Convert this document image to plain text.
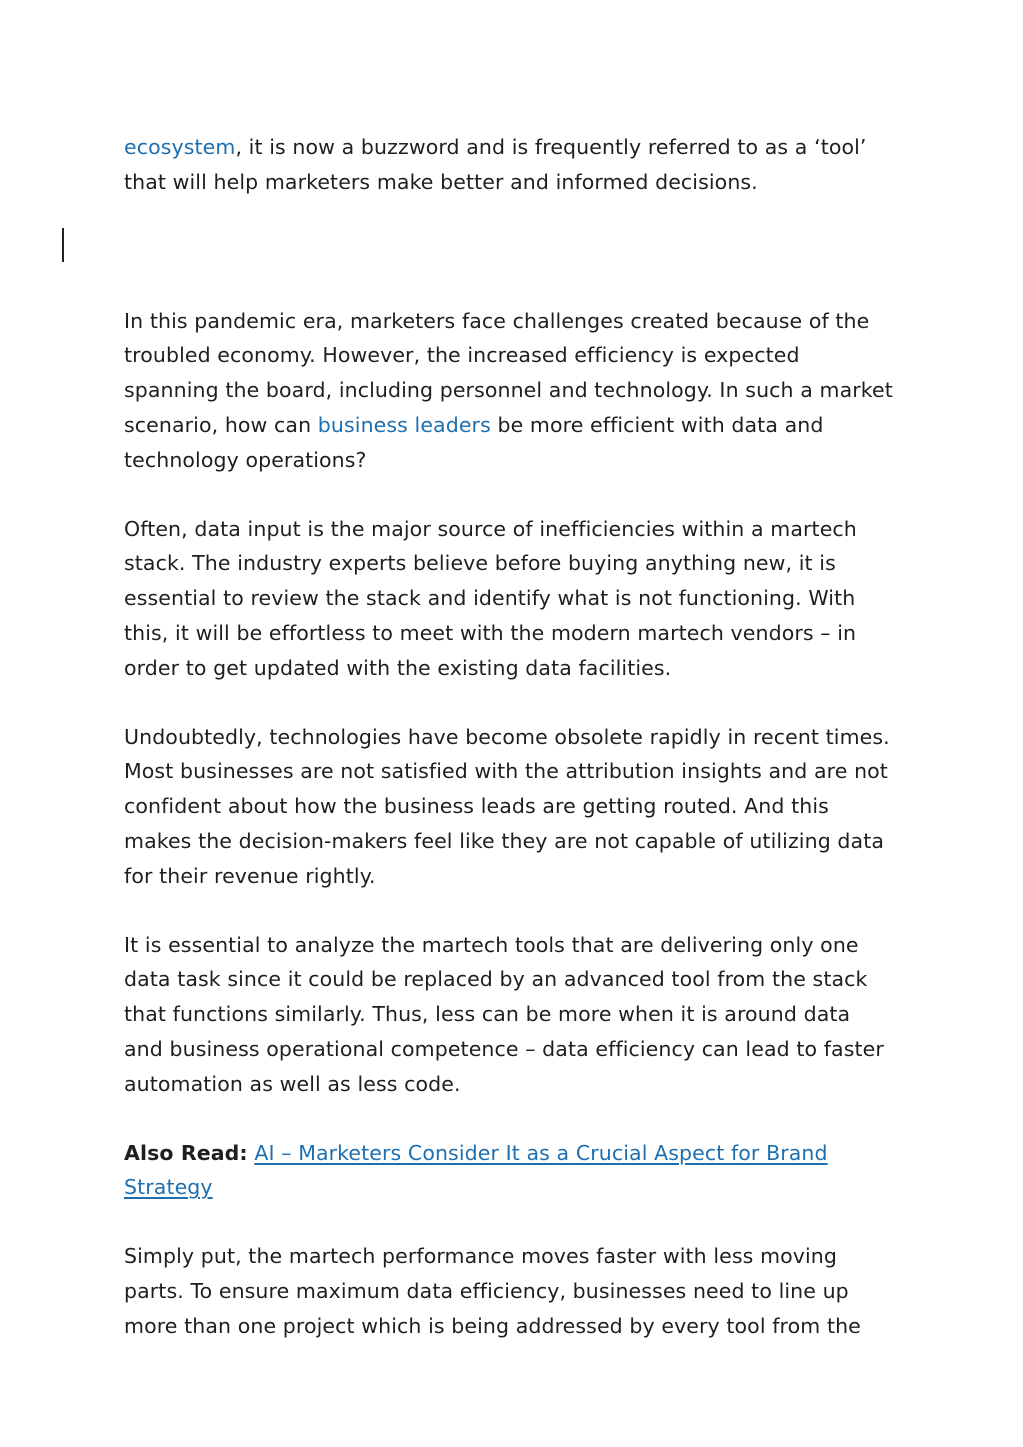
ecosystem, it is now a buzzword and is frequently referred to as a ‘tool’
that will help marketers make better and informed decisions.

In this pandemic era, marketers face challenges created because of the
troubled economy. However, the increased efficiency is expected
spanning the board, including personnel and technology. In such a market
scenario, how can business leaders be more efficient with data and
technology operations?

Often, data input is the major source of inefficiencies within a martech
stack. The industry experts believe before buying anything new, it is
essential to review the stack and identify what is not functioning. With
this, it will be effortless to meet with the modern martech vendors – in
order to get updated with the existing data facilities.

Undoubtedly, technologies have become obsolete rapidly in recent times.
Most businesses are not satisfied with the attribution insights and are not
confident about how the business leads are getting routed. And this
makes the decision-makers feel like they are not capable of utilizing data
for their revenue rightly.

It is essential to analyze the martech tools that are delivering only one
data task since it could be replaced by an advanced tool from the stack
that functions similarly. Thus, less can be more when it is around data
and business operational competence – data efficiency can lead to faster
automation as well as less code.

Also Read: AI – Marketers Consider It as a Crucial Aspect for Brand
Strategy

Simply put, the martech performance moves faster with less moving
parts. To ensure maximum data efficiency, businesses need to line up
more than one project which is being addressed by every tool from the
